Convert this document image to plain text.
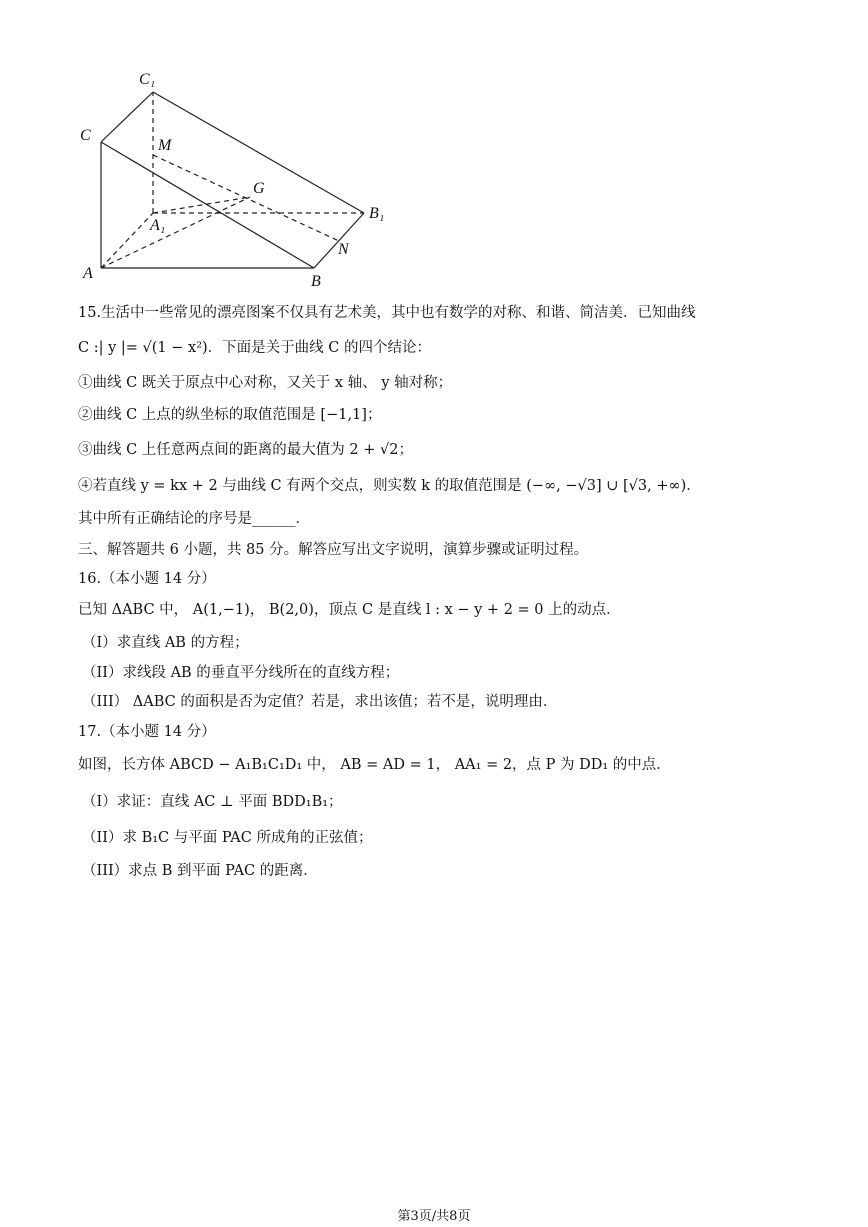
C₁
C
M
G
B₁
A₁
N
A	B
15.生活中一些常见的漂亮图案不仅具有艺术美，其中也有数学的对称、和谐、简洁美．已知曲线
C :| y |= √(1 − x²)．下面是关于曲线 C 的四个结论：
①曲线 C 既关于原点中心对称，又关于 x 轴、 y 轴对称；
②曲线 C 上点的纵坐标的取值范围是 [−1,1]；
③曲线 C 上任意两点间的距离的最大值为 2 + √2；
④若直线 y = kx + 2 与曲线 C 有两个交点，则实数 k 的取值范围是 (−∞, −√3] ∪ [√3, +∞)．
其中所有正确结论的序号是______．
三、解答题共 6 小题，共 85 分。解答应写出文字说明，演算步骤或证明过程。
16.（本小题 14 分）
已知 ΔABC 中， A(1,−1)， B(2,0)，顶点 C 是直线 l : x − y + 2 = 0 上的动点．
（I）求直线 AB 的方程；
（II）求线段 AB 的垂直平分线所在的直线方程；
（III） ΔABC 的面积是否为定值？若是，求出该值；若不是，说明理由．
17.（本小题 14 分）
如图，长方体 ABCD − A₁B₁C₁D₁ 中， AB = AD = 1， AA₁ = 2，点 P 为 DD₁ 的中点．
（I）求证：直线 AC ⊥ 平面 BDD₁B₁；
（II）求 B₁C 与平面 PAC 所成角的正弦值；
（III）求点 B 到平面 PAC 的距离．
第3页/共8页
